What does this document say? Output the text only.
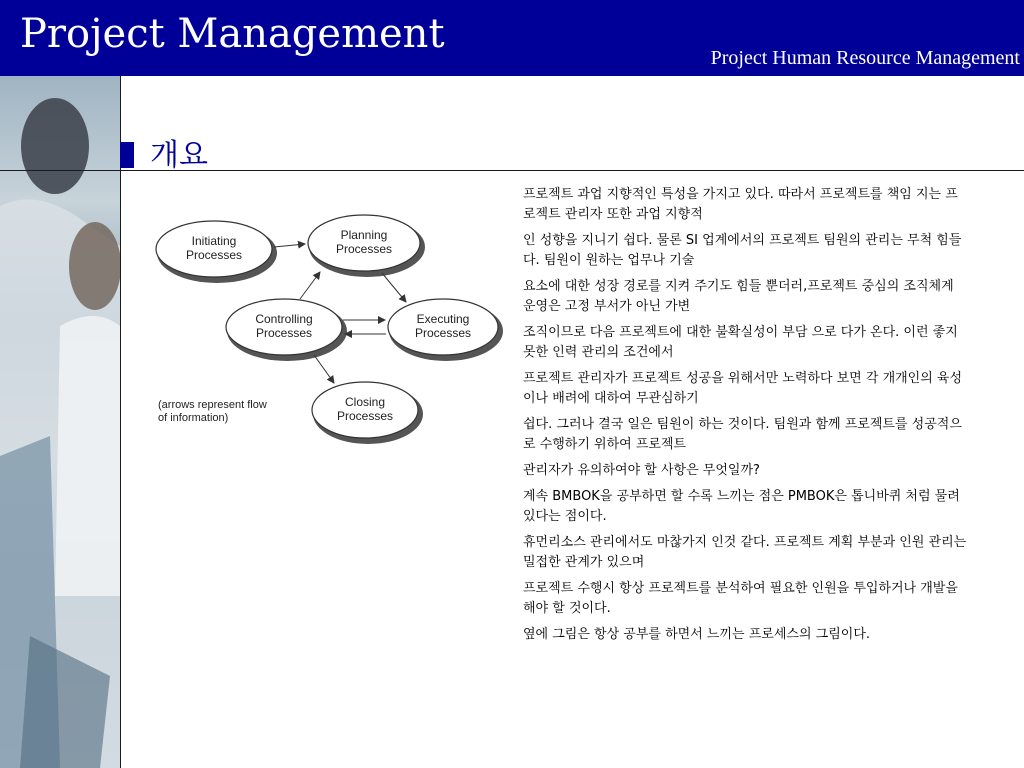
Project Management
Project Human Resource Management
개요
Initiating
Processes
Planning
Processes
Controlling
Processes
Executing
Processes
Closing
Processes
(arrows represent flow
of information)

프로젝트 과업 지향적인 특성을 가지고 있다. 따라서 프로젝트를 책임 지는 프로젝트 관리자 또한 과업 지향적

인 성향을 지니기 쉽다. 물론 SI 업계에서의 프로젝트 팀원의 관리는 무척 힘들다. 팀원이 원하는 업무나 기술

요소에 대한 성장 경로를 지켜 주기도 힘들 뿐더러,프로젝트 중심의 조직체계 운영은 고정 부서가 아닌 가변

조직이므로 다음 프로젝트에 대한 불확실성이 부담 으로 다가 온다. 이런 좋지 못한 인력 관리의 조건에서

프로젝트 관리자가 프로젝트 성공을 위해서만 노력하다 보면 각 개개인의 육성이나 배려에 대하여 무관심하기

쉽다. 그러나 결국 일은 팀원이 하는 것이다. 팀원과 함께 프로젝트를 성공적으로 수행하기 위하여 프로젝트

관리자가 유의하여야 할 사항은 무엇일까?

계속 BMBOK을 공부하면 할 수록 느끼는 점은 PMBOK은 톱니바퀴 처럼 물려 있다는 점이다.

휴먼리소스 관리에서도 마찮가지 인것 같다. 프로젝트 계획 부분과 인원 관리는 밀접한 관계가 있으며

프로젝트 수행시 항상 프로젝트를 분석하여 필요한 인원을 투입하거나 개발을 해야 할 것이다.

옆에 그림은 항상 공부를 하면서 느끼는 프로세스의 그림이다.
